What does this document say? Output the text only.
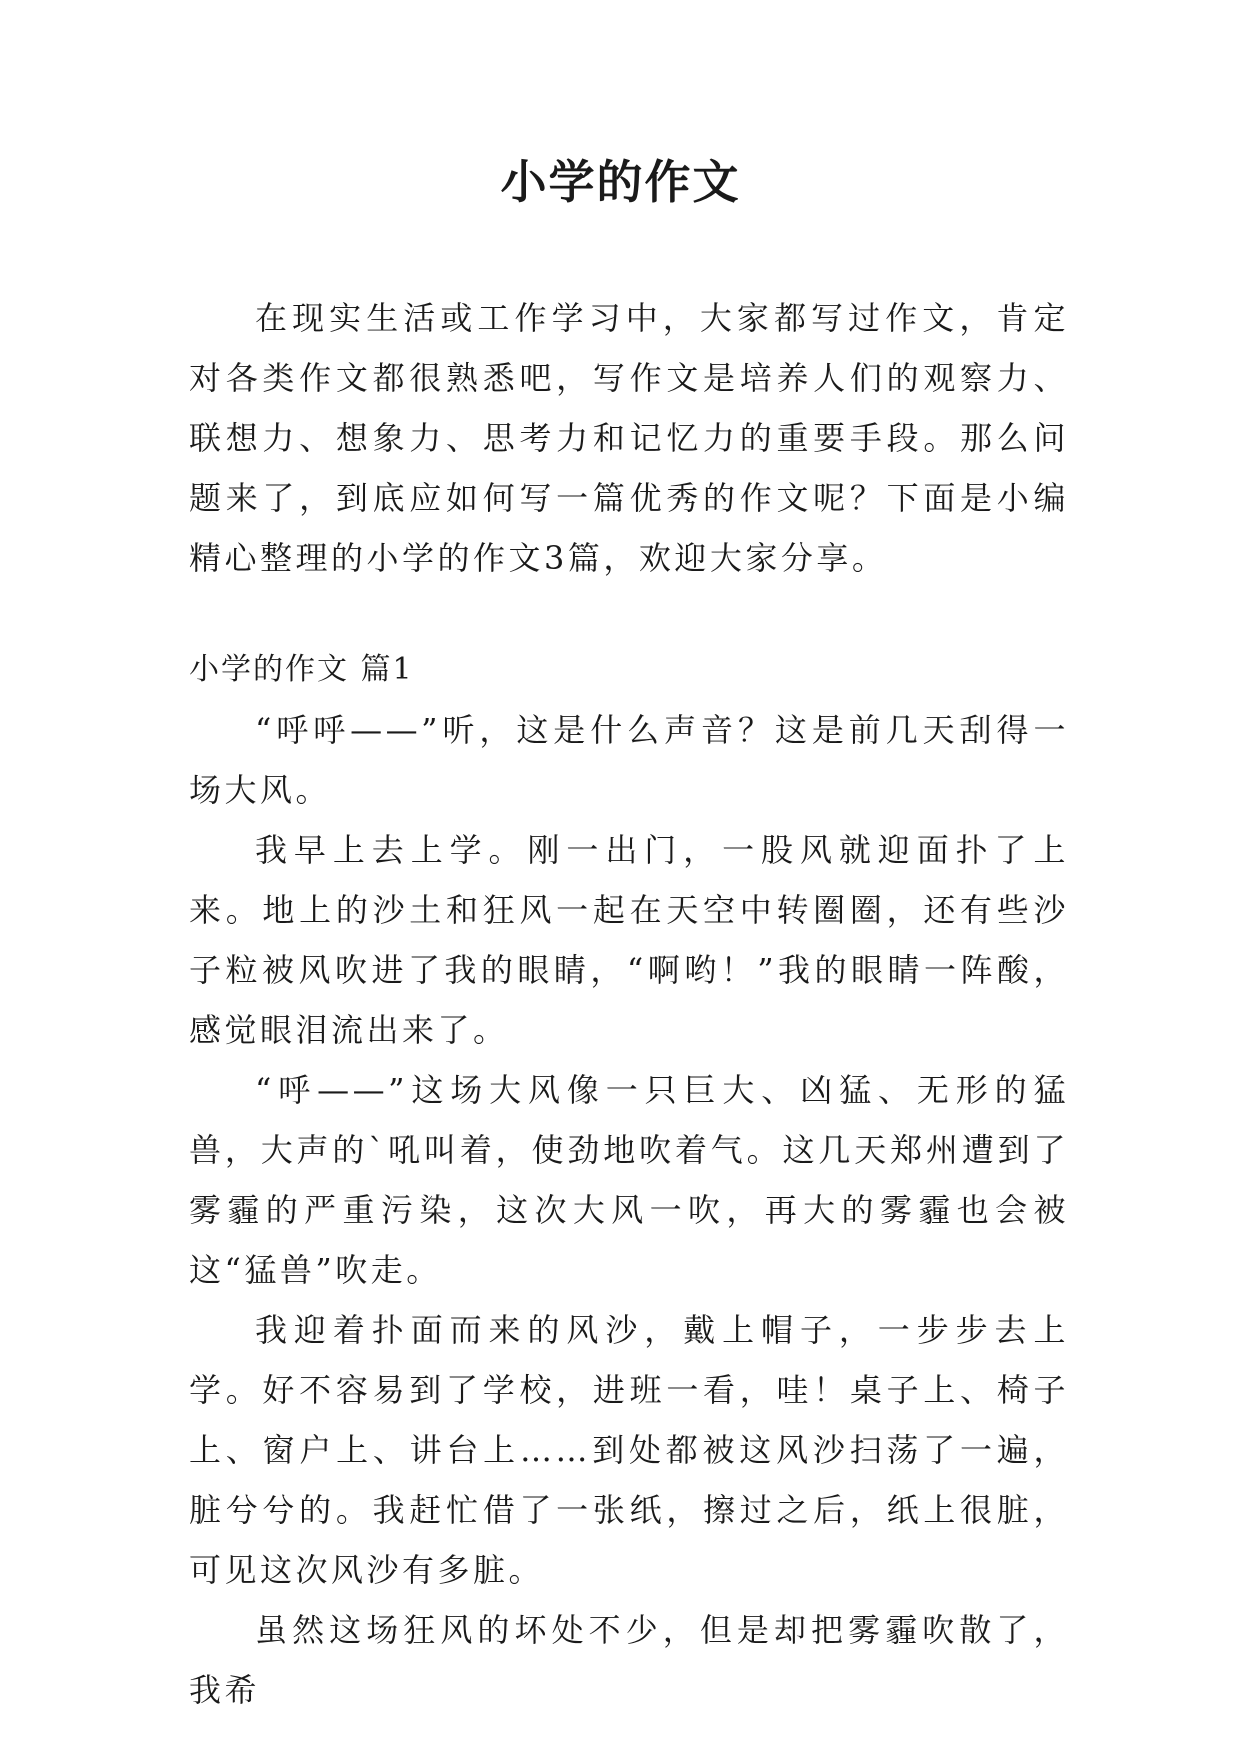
小学的作文

在现实生活或工作学习中，大家都写过作文，肯定对各类作文都很熟悉吧，写作文是培养人们的观察力、联想力、想象力、思考力和记忆力的重要手段。那么问题来了，到底应如何写一篇优秀的作文呢？下面是小编精心整理的小学的作文3篇，欢迎大家分享。

小学的作文 篇1

“呼呼——”听，这是什么声音？这是前几天刮得一场大风。

我早上去上学。刚一出门，一股风就迎面扑了上来。地上的沙土和狂风一起在天空中转圈圈，还有些沙子粒被风吹进了我的眼睛，“啊哟！”我的眼睛一阵酸，感觉眼泪流出来了。

“呼——”这场大风像一只巨大、凶猛、无形的猛兽，大声的`吼叫着，使劲地吹着气。这几天郑州遭到了雾霾的严重污染，这次大风一吹，再大的雾霾也会被这“猛兽”吹走。

我迎着扑面而来的风沙，戴上帽子，一步步去上学。好不容易到了学校，进班一看，哇！桌子上、椅子上、窗户上、讲台上……到处都被这风沙扫荡了一遍，脏兮兮的。我赶忙借了一张纸，擦过之后，纸上很脏，可见这次风沙有多脏。

虽然这场狂风的坏处不少，但是却把雾霾吹散了，我希
